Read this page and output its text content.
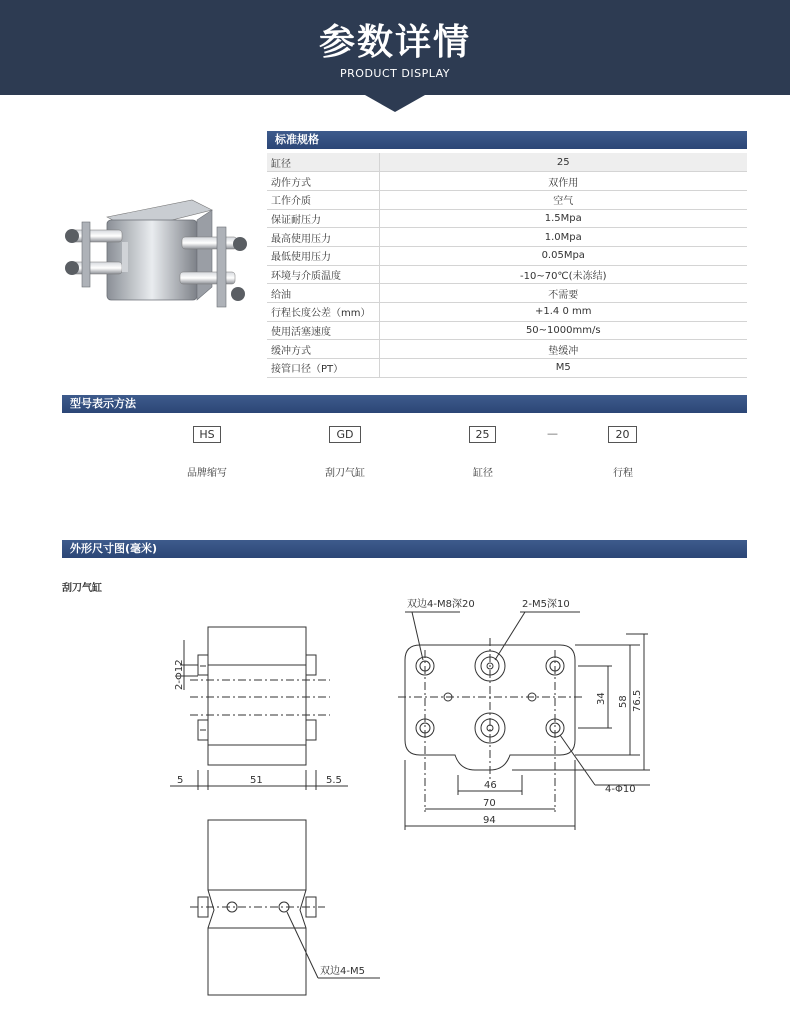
参数详情
PRODUCT DISPLAY
标准规格
缸径	25
动作方式	双作用
工作介质	空气
保证耐压力	1.5Mpa
最高使用压力	1.0Mpa
最低使用压力	0.05Mpa
环境与介质温度	-10~70℃(未冻结)
给油	不需要
行程长度公差（mm）	+1.4 0 mm
使用活塞速度	50~1000mm/s
缓冲方式	垫缓冲
接管口径（PT）	M5
型号表示方法
HS	GD	25	—	20
品牌缩写	刮刀气缸	缸径	行程
外形尺寸图(毫米)
刮刀气缸
2-Φ12
5	51	5.5
双边4-M8深20	2-M5深10
34 58 76.5
46
70
94
4-Φ10
双边4-M5
